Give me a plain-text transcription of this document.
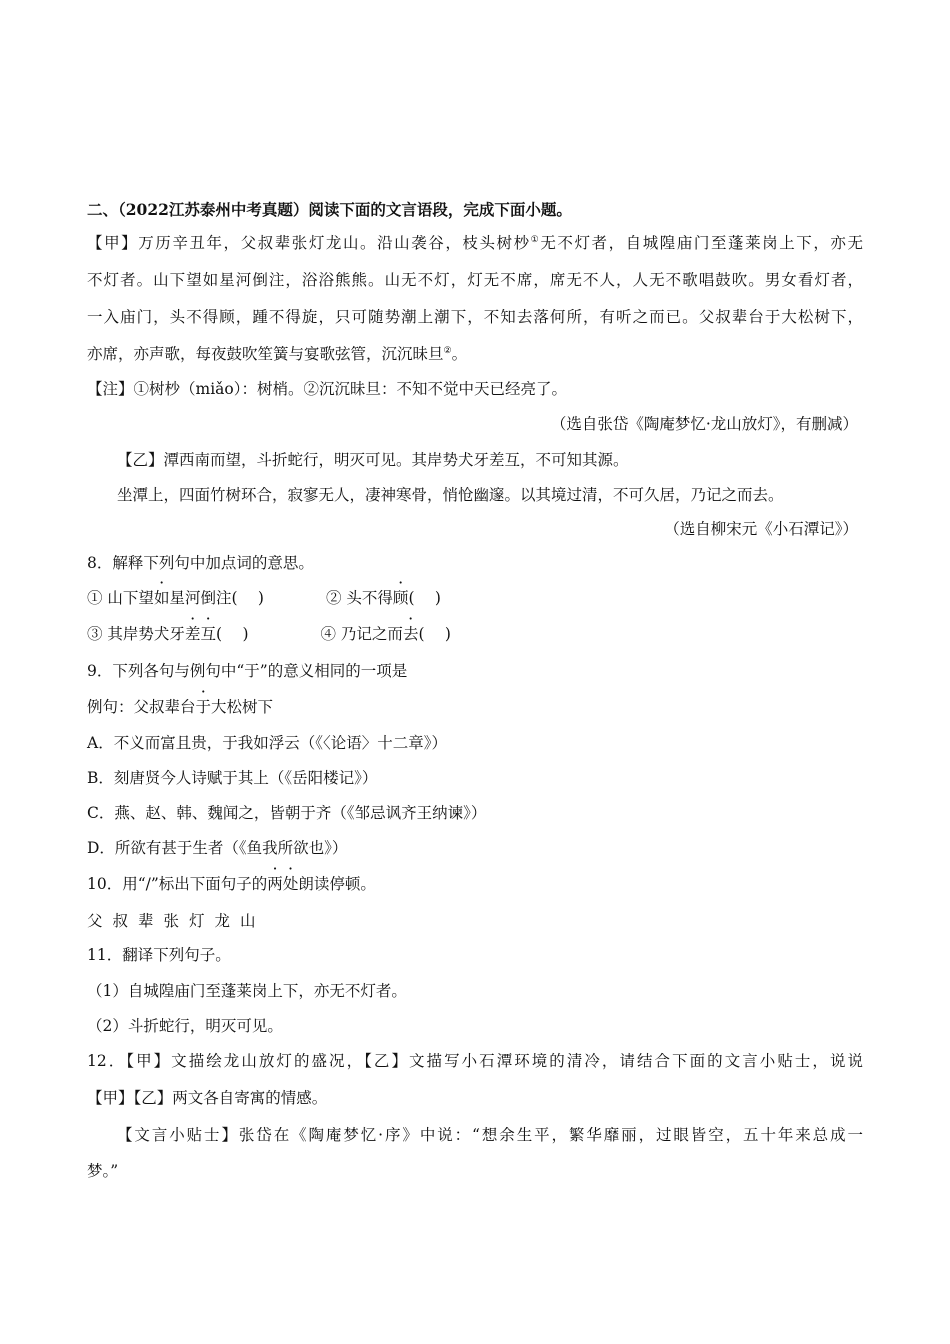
二、（2022江苏泰州中考真题）阅读下面的文言语段，完成下面小题。
【甲】万历辛丑年，父叔辈张灯龙山。沿山袭谷，枝头树杪①无不灯者，自城隍庙门至蓬莱岗上下，亦无
不灯者。山下望如星河倒注，浴浴熊熊。山无不灯，灯无不席，席无不人，人无不歌唱鼓吹。男女看灯者，
一入庙门，头不得顾，踵不得旋，只可随势潮上潮下，不知去落何所，有听之而已。父叔辈台于大松树下，
亦席，亦声歌，每夜鼓吹笙簧与宴歌弦管，沉沉昧旦②。
【注】①树杪（miǎo）：树梢。②沉沉昧旦：不知不觉中天已经亮了。
（选自张岱《陶庵梦忆·龙山放灯》，有删减）
【乙】潭西南而望，斗折蛇行，明灭可见。其岸势犬牙差互，不可知其源。
坐潭上，四面竹树环合，寂寥无人，凄神寒骨，悄怆幽邃。以其境过清，不可久居，乃记之而去。
（选自柳宋元《小石潭记》）
8．解释下列句中加点词的意思。
① 山下望如星河倒注(　 )	② 头不得顾(　 )
③ 其岸势犬牙差互(　 )	④ 乃记之而去(　 )
9．下列各句与例句中“于”的意义相同的一项是
例句：父叔辈台于大松树下
A．不义而富且贵，于我如浮云（《〈论语〉十二章》）
B．刻唐贤今人诗赋于其上（《岳阳楼记》）
C．燕、赵、韩、魏闻之，皆朝于齐（《邹忌讽齐王纳谏》）
D．所欲有甚于生者（《鱼我所欲也》）
10．用“/”标出下面句子的两处朗读停顿。
父叔辈张灯龙山
11．翻译下列句子。
（1）自城隍庙门至蓬莱岗上下，亦无不灯者。
（2）斗折蛇行，明灭可见。
12．【甲】文描绘龙山放灯的盛况，【乙】文描写小石潭环境的清冷，请结合下面的文言小贴士，说说
【甲】【乙】两文各自寄寓的情感。
【文言小贴士】张岱在《陶庵梦忆·序》中说：“想余生平，繁华靡丽，过眼皆空，五十年来总成一
梦。”
